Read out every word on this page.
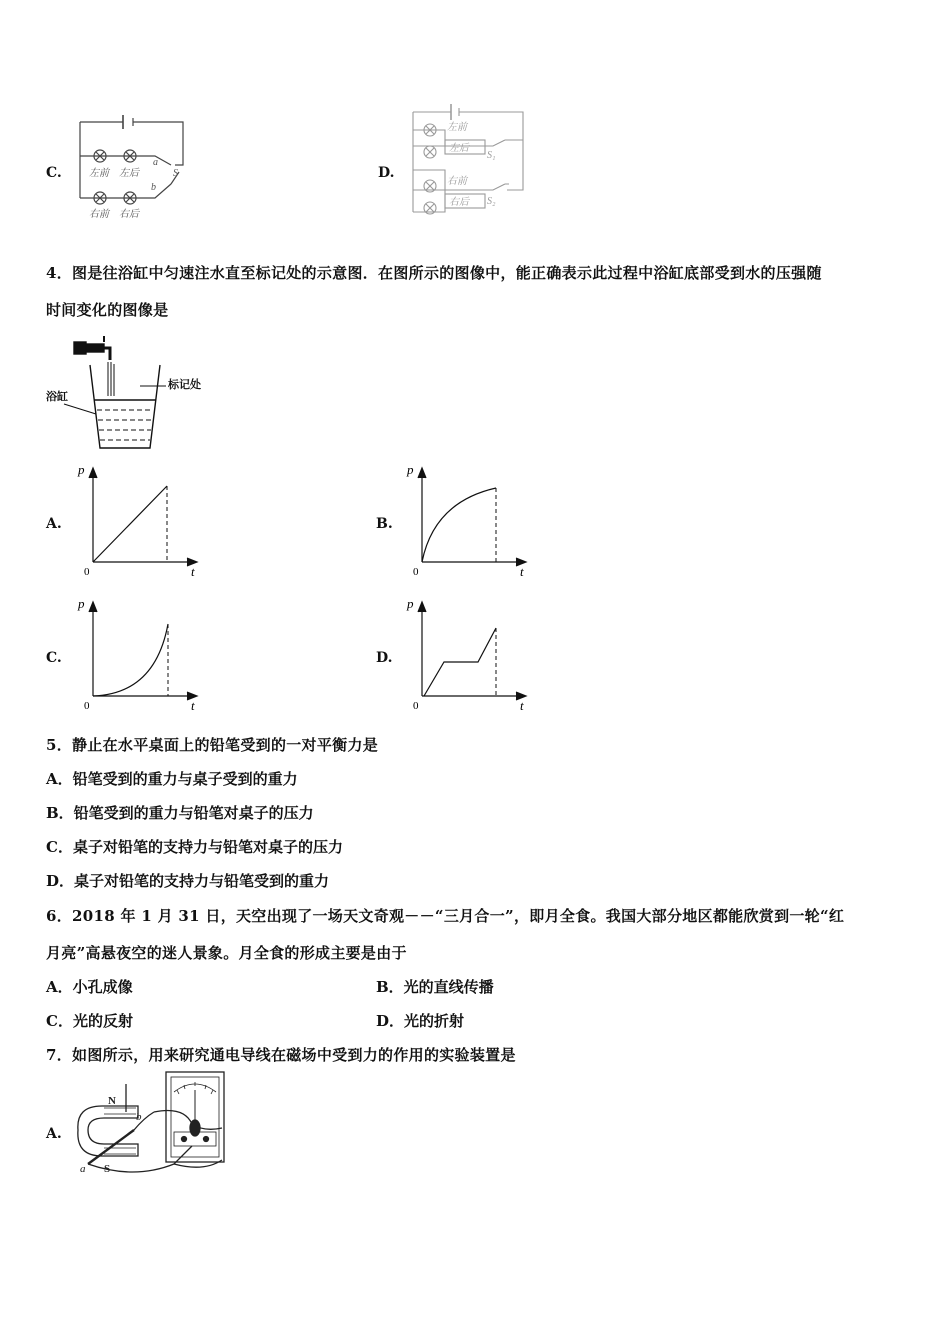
C.	左前 左后
右前 右后
a
b
S	D.
左前
左后
右前
右后
S₁
S₂
4．图是往浴缸中匀速注水直至标记处的示意图．在图所示的图像中，能正确表示此过程中浴缸底部受到水的压强随
时间变化的图像是
标记处
浴缸
A.	B.
C.	D.
p
t
0
p
t
0
p
t
0
p
t
0
5．静止在水平桌面上的铅笔受到的一对平衡力是
A．铅笔受到的重力与桌子受到的重力
B．铅笔受到的重力与铅笔对桌子的压力
C．桌子对铅笔的支持力与铅笔对桌子的压力
D．桌子对铅笔的支持力与铅笔受到的重力
6．2018 年 1 月 31 日，天空出现了一场天文奇观－－“三月合一”，即月全食。我国大部分地区都能欣赏到一轮“红
月亮”高悬夜空的迷人景象。月全食的形成主要是由于
A．小孔成像	B．光的直线传播
C．光的反射	D．光的折射
7．如图所示，用来研究通电导线在磁场中受到力的作用的实验装置是
A.
N
S
a
b
